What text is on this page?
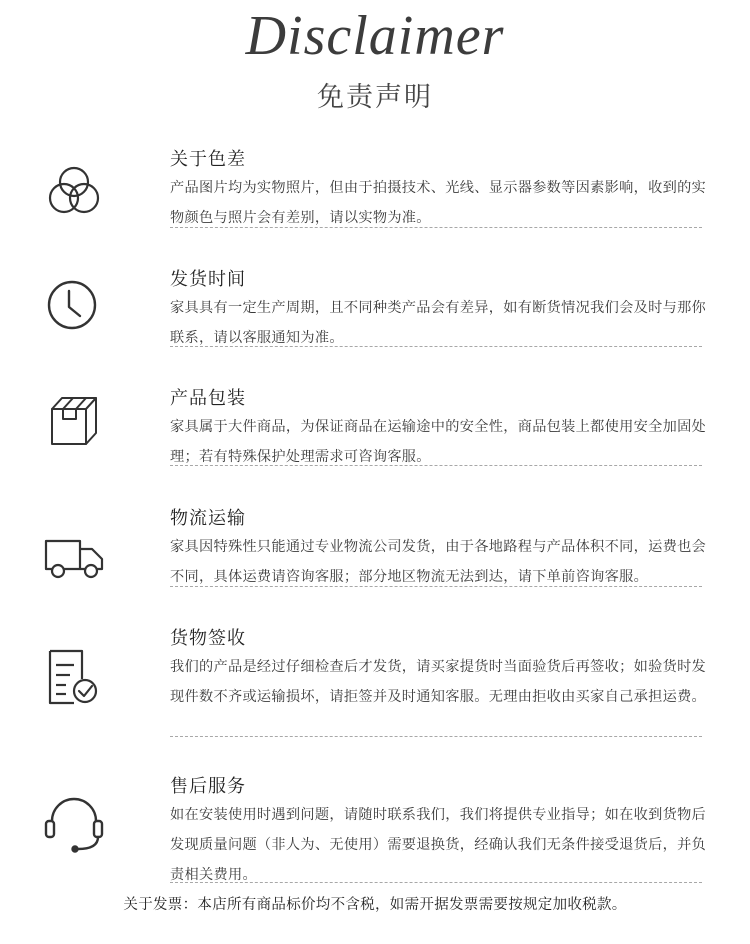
Disclaimer
免责声明
关于色差
产品图片均为实物照片，但由于拍摄技术、光线、显示器参数等因素影响，收到的实物颜色与照片会有差别，请以实物为准。
发货时间
家具具有一定生产周期，且不同种类产品会有差异，如有断货情况我们会及时与那你联系，请以客服通知为准。
产品包装
家具属于大件商品，为保证商品在运输途中的安全性，商品包装上都使用安全加固处理；若有特殊保护处理需求可咨询客服。
物流运输
家具因特殊性只能通过专业物流公司发货，由于各地路程与产品体积不同，运费也会不同，具体运费请咨询客服；部分地区物流无法到达，请下单前咨询客服。
货物签收
我们的产品是经过仔细检查后才发货，请买家提货时当面验货后再签收；如验货时发现件数不齐或运输损坏，请拒签并及时通知客服。无理由拒收由买家自己承担运费。
售后服务
如在安装使用时遇到问题，请随时联系我们，我们将提供专业指导；如在收到货物后发现质量问题（非人为、无使用）需要退换货，经确认我们无条件接受退货后，并负责相关费用。
关于发票：本店所有商品标价均不含税，如需开据发票需要按规定加收税款。
